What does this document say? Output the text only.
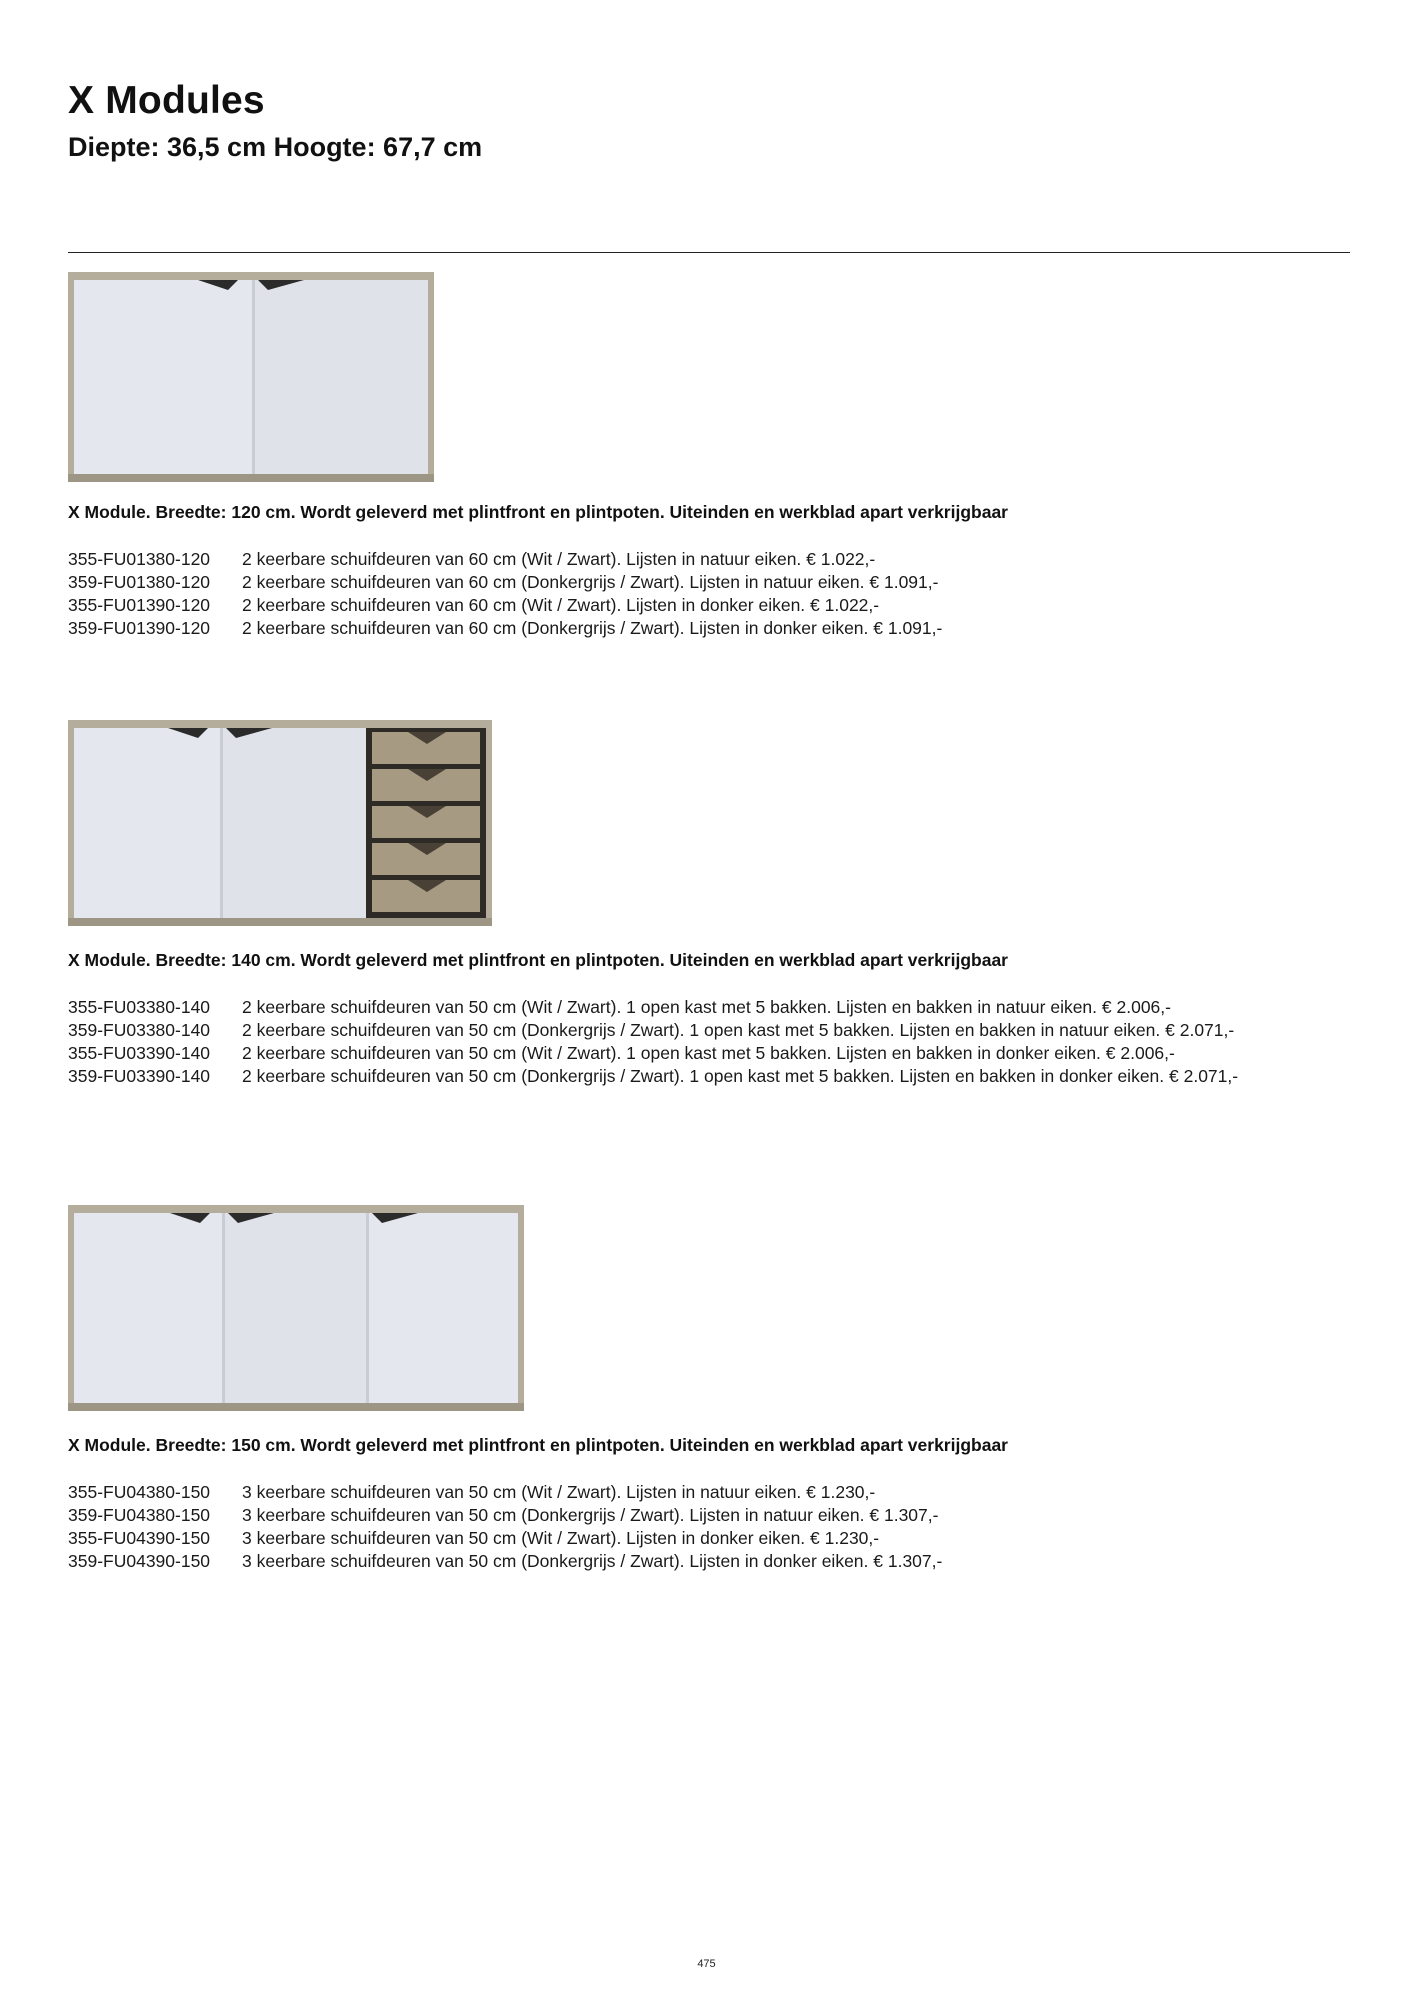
X Modules
Diepte: 36,5 cm Hoogte: 67,7 cm

X Module. Breedte: 120 cm. Wordt geleverd met plintfront en plintpoten. Uiteinden en werkblad apart verkrijgbaar

355-FU01380-120	2 keerbare schuifdeuren van 60 cm (Wit / Zwart). Lijsten in natuur eiken. € 1.022,-
359-FU01380-120	2 keerbare schuifdeuren van 60 cm (Donkergrijs / Zwart). Lijsten in natuur eiken. € 1.091,-
355-FU01390-120	2 keerbare schuifdeuren van 60 cm (Wit / Zwart). Lijsten in donker eiken. € 1.022,-
359-FU01390-120	2 keerbare schuifdeuren van 60 cm (Donkergrijs / Zwart). Lijsten in donker eiken. € 1.091,-

X Module. Breedte: 140 cm. Wordt geleverd met plintfront en plintpoten. Uiteinden en werkblad apart verkrijgbaar

355-FU03380-140	2 keerbare schuifdeuren van 50 cm (Wit / Zwart). 1 open kast met 5 bakken. Lijsten en bakken in natuur eiken. € 2.006,-
359-FU03380-140	2 keerbare schuifdeuren van 50 cm (Donkergrijs / Zwart). 1 open kast met 5 bakken. Lijsten en bakken in natuur eiken. € 2.071,-
355-FU03390-140	2 keerbare schuifdeuren van 50 cm (Wit / Zwart). 1 open kast met 5 bakken. Lijsten en bakken in donker eiken. € 2.006,-
359-FU03390-140	2 keerbare schuifdeuren van 50 cm (Donkergrijs / Zwart). 1 open kast met 5 bakken. Lijsten en bakken in donker eiken. € 2.071,-

X Module. Breedte: 150 cm. Wordt geleverd met plintfront en plintpoten. Uiteinden en werkblad apart verkrijgbaar

355-FU04380-150	3 keerbare schuifdeuren van 50 cm (Wit / Zwart). Lijsten in natuur eiken. € 1.230,-
359-FU04380-150	3 keerbare schuifdeuren van 50 cm (Donkergrijs / Zwart). Lijsten in natuur eiken. € 1.307,-
355-FU04390-150	3 keerbare schuifdeuren van 50 cm (Wit / Zwart). Lijsten in donker eiken. € 1.230,-
359-FU04390-150	3 keerbare schuifdeuren van 50 cm (Donkergrijs / Zwart). Lijsten in donker eiken. € 1.307,-
475
